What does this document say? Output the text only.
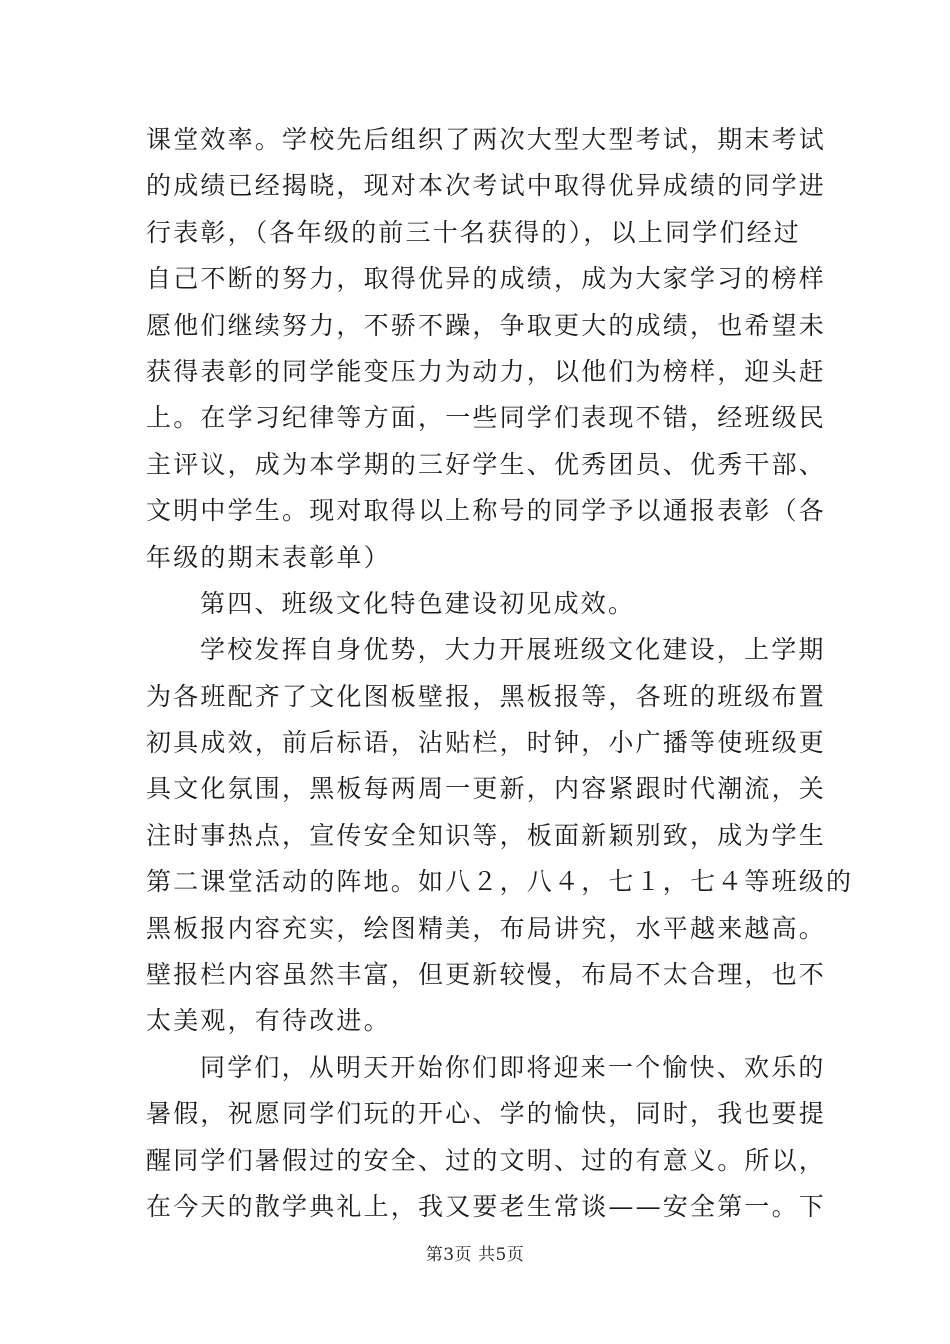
课堂效率。学校先后组织了两次大型大型考试，期末考试
的成绩已经揭晓，现对本次考试中取得优异成绩的同学进
行表彰，（各年级的前三十名获得的），以上同学们经过
自己不断的努力，取得优异的成绩，成为大家学习的榜样
愿他们继续努力，不骄不躁，争取更大的成绩，也希望未
获得表彰的同学能变压力为动力，以他们为榜样，迎头赶
上。在学习纪律等方面，一些同学们表现不错，经班级民
主评议，成为本学期的三好学生、优秀团员、优秀干部、
文明中学生。现对取得以上称号的同学予以通报表彰（各
年级的期末表彰单）
第四、班级文化特色建设初见成效。
学校发挥自身优势，大力开展班级文化建设，上学期
为各班配齐了文化图板壁报，黑板报等，各班的班级布置
初具成效，前后标语，沾贴栏，时钟，小广播等使班级更
具文化氛围，黑板每两周一更新，内容紧跟时代潮流，关
注时事热点，宣传安全知识等，板面新颖别致，成为学生
第二课堂活动的阵地。如八２，八４，七１，七４等班级的
黑板报内容充实，绘图精美，布局讲究，水平越来越高。
壁报栏内容虽然丰富，但更新较慢，布局不太合理，也不
太美观，有待改进。
同学们，从明天开始你们即将迎来一个愉快、欢乐的
暑假，祝愿同学们玩的开心、学的愉快，同时，我也要提
醒同学们暑假过的安全、过的文明、过的有意义。所以，
在今天的散学典礼上，我又要老生常谈——安全第一。下
第3页 共5页
